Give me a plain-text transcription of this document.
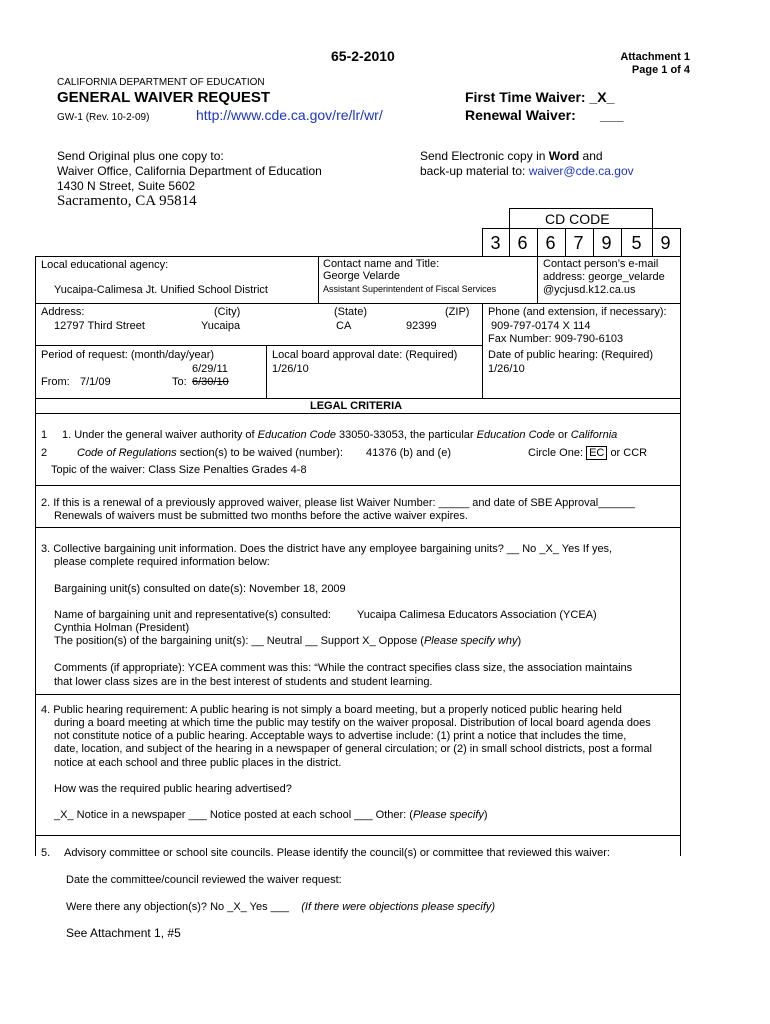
65-2-2010	Attachment 1
Page 1 of 4
CALIFORNIA DEPARTMENT OF EDUCATION
GENERAL WAIVER REQUEST
GW-1 (Rev. 10-2-09)	http://www.cde.ca.gov/re/lr/wr/
First Time Waiver: _X_
Renewal Waiver: ___
Send Original plus one copy to:
Waiver Office, California Department of Education
1430 N Street, Suite 5602
Sacramento, CA 95814
Send Electronic copy in Word and
back-up material to: waiver@cde.ca.gov
CD CODE
3 6 6 7 9	5	9
Local educational agency:
Yucaipa-Calimesa Jt. Unified School District
Contact name and Title:
George Velarde
Assistant Superintendent of Fiscal Services
Contact person’s e-mail
address: george_velarde
@ycjusd.k12.ca.us
Address:
12797 Third Street
(City)
Yucaipa
(State)
CA
(ZIP)
92399
Phone (and extension, if necessary):
909-797-0174 X 114
Fax Number: 909-790-6103
Period of request: (month/day/year)
6/29/11
From: 7/1/09	To: 6/30/10
Local board approval date: (Required)
1/26/10
Date of public hearing: (Required)
1/26/10
LEGAL CRITERIA
1
2
1. Under the general waiver authority of Education Code 33050-33053, the particular Education Code or California
Code of Regulations section(s) to be waived (number): 41376 (b) and (e)	Circle One: EC or CCR
Topic of the waiver: Class Size Penalties Grades 4-8
2. If this is a renewal of a previously approved waiver, please list Waiver Number: _____ and date of SBE Approval______
Renewals of waivers must be submitted two months before the active waiver expires.
3. Collective bargaining unit information. Does the district have any employee bargaining units? __ No _X_ Yes If yes,
please complete required information below:
Bargaining unit(s) consulted on date(s): November 18, 2009
Name of bargaining unit and representative(s) consulted: Yucaipa Calimesa Educators Association (YCEA)
Cynthia Holman (President)
The position(s) of the bargaining unit(s): __ Neutral __ Support X_ Oppose (Please specify why)
Comments (if appropriate): YCEA comment was this: “While the contract specifies class size, the association maintains
that lower class sizes are in the best interest of students and student learning.
4. Public hearing requirement: A public hearing is not simply a board meeting, but a properly noticed public hearing held
during a board meeting at which time the public may testify on the waiver proposal. Distribution of local board agenda does
not constitute notice of a public hearing. Acceptable ways to advertise include: (1) print a notice that includes the time,
date, location, and subject of the hearing in a newspaper of general circulation; or (2) in small school districts, post a formal
notice at each school and three public places in the district.
How was the required public hearing advertised?
_X_ Notice in a newspaper ___ Notice posted at each school ___ Other: (Please specify)
5. Advisory committee or school site councils. Please identify the council(s) or committee that reviewed this waiver:
Date the committee/council reviewed the waiver request:
Were there any objection(s)? No _X_ Yes ___ (If there were objections please specify)
See Attachment 1, #5
